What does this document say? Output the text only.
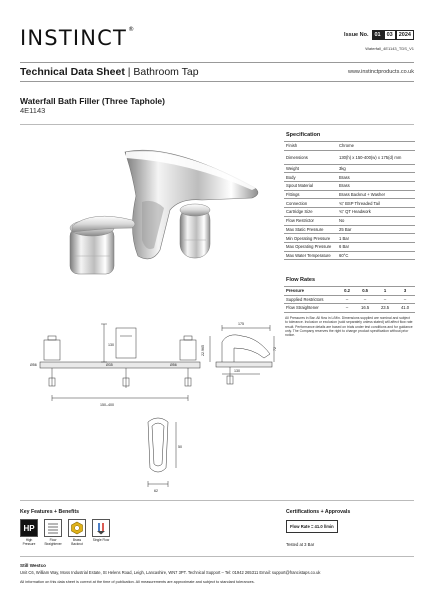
INSTINCT®
Issue No.	01	03	2024
Waterfall_4E1143_TDS_V1
Technical Data Sheet | Bathroom Tap	www.instinctproducts.co.uk
Waterfall Bath Filler (Three Taphole)
4E1143
Specification
Finish	Chrome
Dimensions	130(h) x 150-400(w) x 175(d) mm
Weight	3kg
Body	Brass
Spout Material	Brass
Fittings	Brass Backnut + Washer
Connection	¾" BSP Threaded Tail
Cartridge Size	¾" QT Headwork
Flow Restrictor	No
Max Static Pressure	25 Bar
Min Operating Pressure	1 Bar
Max Operating Pressure	6 Bar
Max Water Temperature	60°C
Flow Rates
Pressure	0.2	0.5	1	3
Supplied Restrictors	–	–	–	–
Flow Straightener	–	16.5	23.5	41.0
All Pressures in Bar. All flow in L/Min. Dimensions supplied are nominal and subject to tolerance. Inclusion or exclusion (sold separately unless stated) will affect flow rate result. Performance details are based on trials under test conditions and for guidance only. The Company reserves the right to change product specification without prior notice.
Ø56	Ø35	Ø56
130
150–400
175
22.965
130
72
62
50
Key Features + Benefits
HP
High Pressure
Flow Straightener
Brass Backnut
Single Flow
Certifications + Approvals
Flow Rate = 41.0 l/min
Tested at 3 Bar
Still Westco
Unit C6, William Way, Moss Industrial Estate, St Helens Road, Leigh, Lancashire, WN7 3PT. Technical Support – Tel: 01942 265311 Email: support@francistaps.co.uk
All information on this data sheet is correct at the time of publication. All measurements are approximate and subject to standard tolerances.
